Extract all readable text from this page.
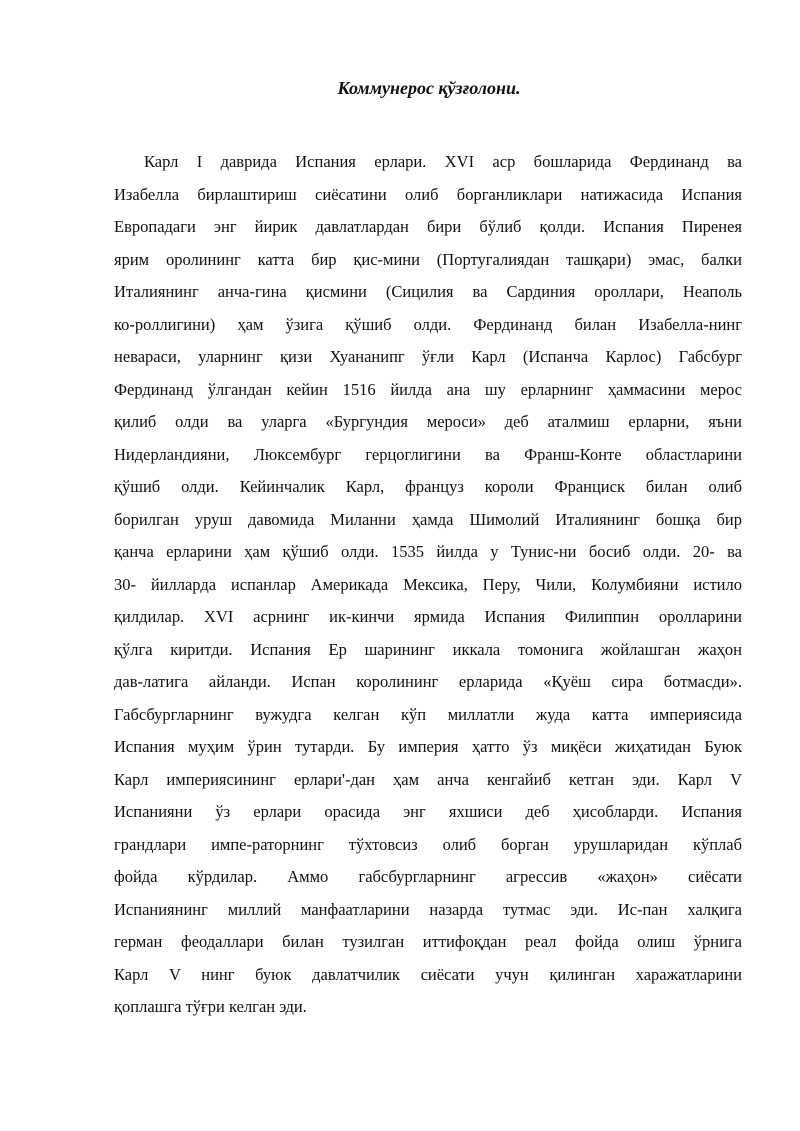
Коммунерос қўзғолони.
Карл I даврида Испания ерлари. XVI аср бошларида Фердинанд ва
Изабелла бирлаштириш сиёсатини олиб борганликлари натижасида Испания
Европадаги энг йирик давлатлардан бири бўлиб қолди. Испания Пиренея
ярим оролининг катта бир қис-мини (Португалиядан ташқари) эмас, балки
Италиянинг анча-гина қисмини (Сицилия ва Сардиния ороллари, Неаполь
ко-роллигини) ҳам ўзига қўшиб олди. Фердинанд билан Изабелла-нинг
невараси, уларнинг қизи Хуананипг ўғли Карл (Испанча Карлос) Габсбург
Фердинанд ўлгандан кейин 1516 йилда ана шу ерларнинг ҳаммасини мерос
қилиб олди ва уларга «Бургундия мероси» деб аталмиш ерларни, яъни
Нидерландияни, Люксембург герцоглигини ва Франш-Конте областларини
қўшиб олди. Кейинчалик Карл, француз короли Франциск билан олиб
борилган уруш давомида Миланни ҳамда Шимолий Италиянинг бошқа бир
қанча ерларини ҳам қўшиб олди. 1535 йилда у Тунис-ни босиб олди. 20- ва
30- йилларда испанлар Америкада Мексика, Перу, Чили, Колумбияни истило
қилдилар. XVI асрнинг ик-кинчи ярмида Испания Филиппин оролларини
қўлга киритди. Испания Ер шарининг иккала томонига жойлашган жаҳон
дав-латига айланди. Испан королининг ерларида «Қуёш сира ботмасди».
Габсбургларнинг вужудга келган кўп миллатли жуда катта империясида
Испания муҳим ўрин тутарди. Бу империя ҳатто ўз миқёси жиҳатидан Буюк
Карл империясининг ерлари'-дан ҳам анча кенгайиб кетган эди. Карл V
Испанияни ўз ерлари орасида энг яхшиси деб ҳисобларди. Испания
грандлари импе-раторнинг тўхтовсиз олиб борган урушларидан кўплаб
фойда кўрдилар. Аммо габсбургларнинг агрессив «жаҳон» сиёсати
Испаниянинг миллий манфаатларини назарда тутмас эди. Ис-пан халқига
герман феодаллари билан тузилган иттифоқдан реал фойда олиш ўрнига
Карл V нинг буюк давлатчилик сиёсати учун қилинган харажатларини
қоплашга тўғри келган эди.
